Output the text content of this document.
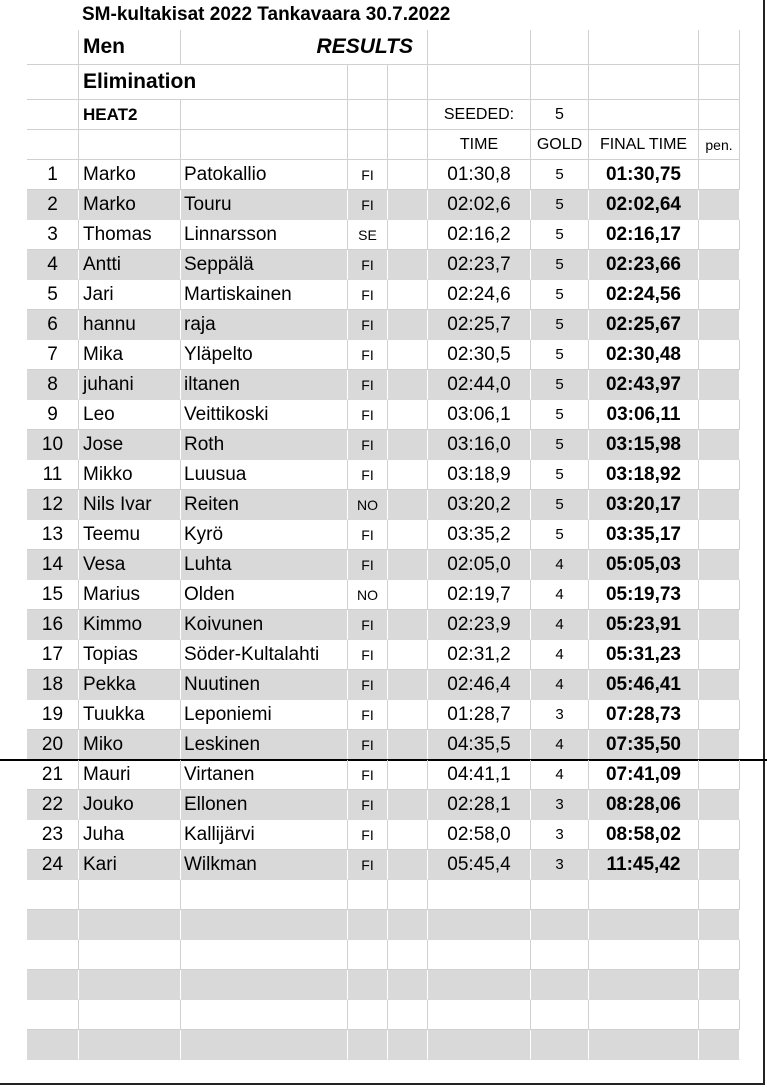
SM-kultakisat 2022 Tankavaara 30.7.2022
Men	RESULTS
Elimination
HEAT2	SEEDED:	5
TIME	GOLD	FINAL TIME	pen.
1	Marko	Patokallio	FI	01:30,8	5	01:30,75
2	Marko	Touru	FI	02:02,6	5	02:02,64
3	Thomas	Linnarsson	SE	02:16,2	5	02:16,17
4	Antti	Seppälä	FI	02:23,7	5	02:23,66
5	Jari	Martiskainen	FI	02:24,6	5	02:24,56
6	hannu	raja	FI	02:25,7	5	02:25,67
7	Mika	Yläpelto	FI	02:30,5	5	02:30,48
8	juhani	iltanen	FI	02:44,0	5	02:43,97
9	Leo	Veittikoski	FI	03:06,1	5	03:06,11
10	Jose	Roth	FI	03:16,0	5	03:15,98
11	Mikko	Luusua	FI	03:18,9	5	03:18,92
12	Nils Ivar	Reiten	NO	03:20,2	5	03:20,17
13	Teemu	Kyrö	FI	03:35,2	5	03:35,17
14	Vesa	Luhta	FI	02:05,0	4	05:05,03
15	Marius	Olden	NO	02:19,7	4	05:19,73
16	Kimmo	Koivunen	FI	02:23,9	4	05:23,91
17	Topias	Söder-Kultalahti	FI	02:31,2	4	05:31,23
18	Pekka	Nuutinen	FI	02:46,4	4	05:46,41
19	Tuukka	Leponiemi	FI	01:28,7	3	07:28,73
20	Miko	Leskinen	FI	04:35,5	4	07:35,50
21	Mauri	Virtanen	FI	04:41,1	4	07:41,09
22	Jouko	Ellonen	FI	02:28,1	3	08:28,06
23	Juha	Kallijärvi	FI	02:58,0	3	08:58,02
24	Kari	Wilkman	FI	05:45,4	3	11:45,42
